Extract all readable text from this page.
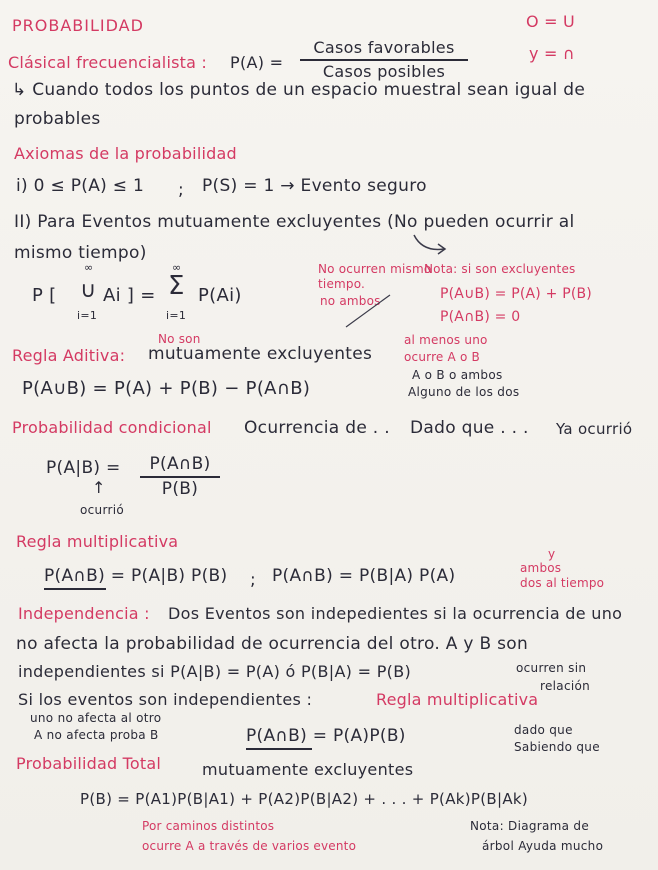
PROBABILIDAD	O = U
y = ∩
Clásical frecuencialista : P(A) =
Casos favorables
Casos posibles
↳ Cuando todos los puntos de un espacio muestral sean igual de
probables
Axiomas de la probabilidad
i) 0 ≤ P(A) ≤ 1 ; P(S) = 1 → Evento seguro
II) Para Eventos mutuamente excluyentes (No pueden ocurrir al
mismo tiempo)
P [
∞
∪
i=1
Ai ] =
∞
Σ
i=1
P(Ai)
No ocurren mismo
tiempo.
no ambos
Nota: si son excluyentes
P(A∪B) = P(A) + P(B)
P(A∩B) = 0
No son
Regla Aditiva: mutuamente excluyentes
al menos uno
ocurre A o B
A o B o ambos
Alguno de los dos
P(A∪B) = P(A) + P(B) − P(A∩B)
Probabilidad condicional Ocurrencia de . . Dado que . . . Ya ocurrió
P(A|B) =	P(A∩B)
P(B)
↑
ocurrió
Regla multiplicativa
P(A∩B) = P(A|B) P(B) ; P(A∩B) = P(B|A) P(A)
y
ambos
dos al tiempo
Independencia : Dos Eventos son indepedientes si la ocurrencia de uno
no afecta la probabilidad de ocurrencia del otro. A y B son
independientes si P(A|B) = P(A) ó P(B|A) = P(B)	ocurren sin
relación
Si los eventos son independientes :	Regla multiplicativa
uno no afecta al otro
A no afecta proba B	P(A∩B) = P(A)P(B)	dado que
Sabiendo que
Probabilidad Total	mutuamente excluyentes
P(B) = P(A1)P(B|A1) + P(A2)P(B|A2) + . . . + P(Ak)P(B|Ak)
Por caminos distintos
ocurre A a través de varios evento
Nota: Diagrama de
árbol Ayuda mucho
